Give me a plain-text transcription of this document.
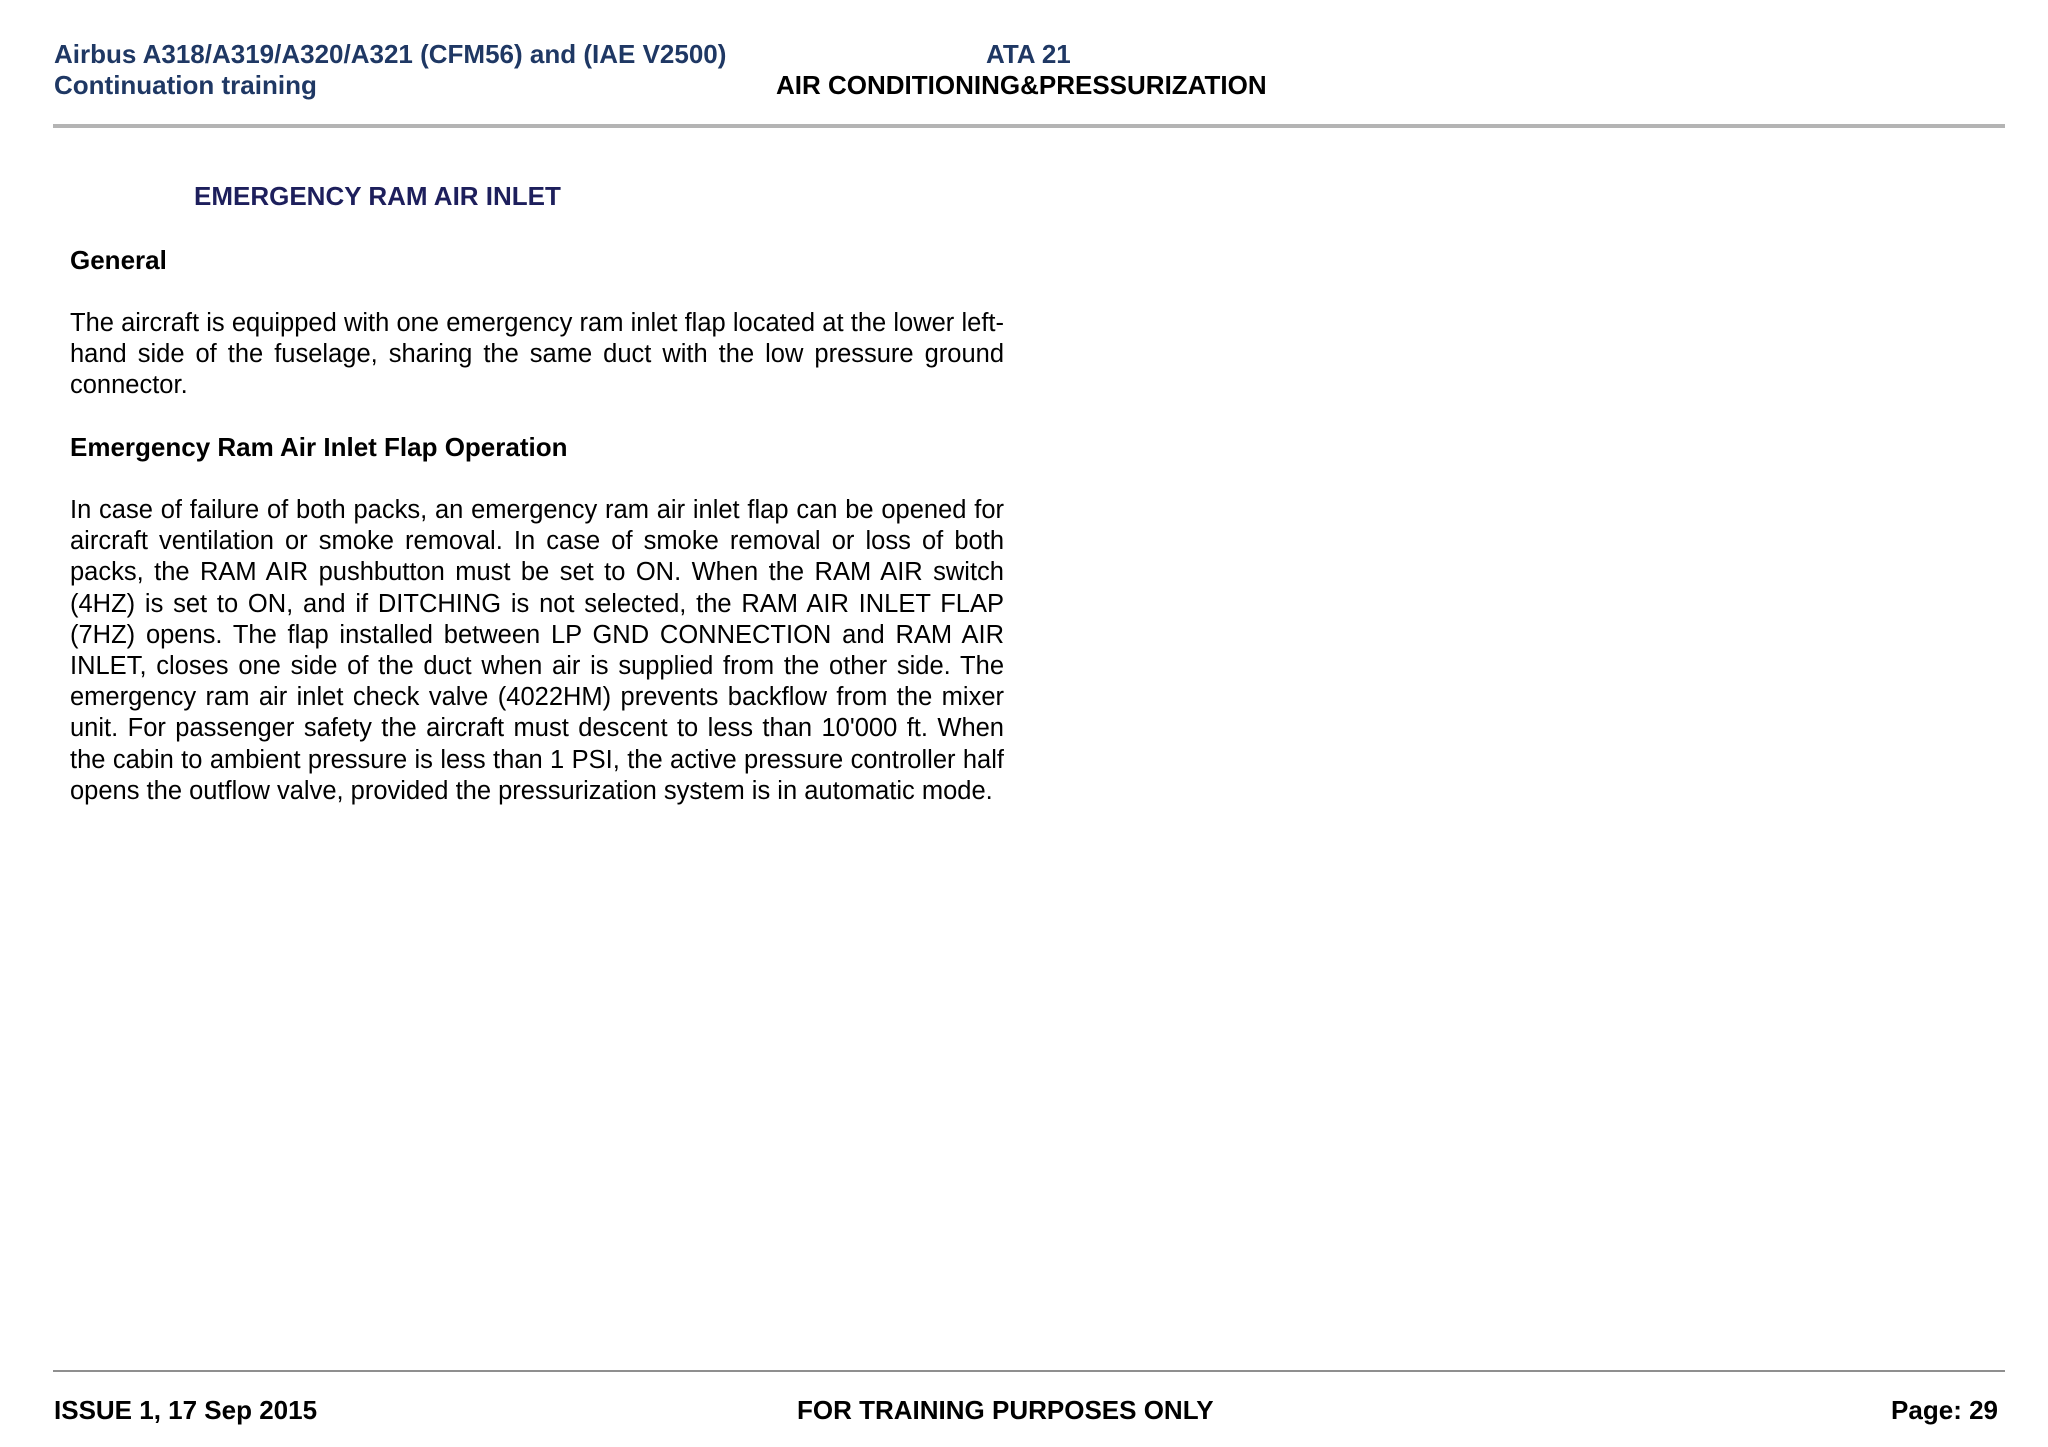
Airbus A318/A319/A320/A321 (CFM56) and (IAE V2500)
Continuation training
ATA 21
AIR CONDITIONING&PRESSURIZATION
EMERGENCY RAM AIR INLET
General

The aircraft is equipped with one emergency ram inlet flap located at the lower left-hand side of the fuselage, sharing the same duct with the low pressure ground connector.

Emergency Ram Air Inlet Flap Operation

In case of failure of both packs, an emergency ram air inlet flap can be opened for aircraft ventilation or smoke removal. In case of smoke removal or loss of both packs, the RAM AIR pushbutton must be set to ON. When the RAM AIR switch (4HZ) is set to ON, and if DITCHING is not selected, the RAM AIR INLET FLAP (7HZ) opens. The flap installed between LP GND CONNECTION and RAM AIR INLET, closes one side of the duct when air is supplied from the other side. The emergency ram air inlet check valve (4022HM) prevents backflow from the mixer unit. For passenger safety the aircraft must descent to less than 10'000 ft. When the cabin to ambient pressure is less than 1 PSI, the active pressure controller half opens the outflow valve, provided the pressurization system is in automatic mode.

ISSUE 1, 17 Sep 2015	FOR TRAINING PURPOSES ONLY	Page: 29
